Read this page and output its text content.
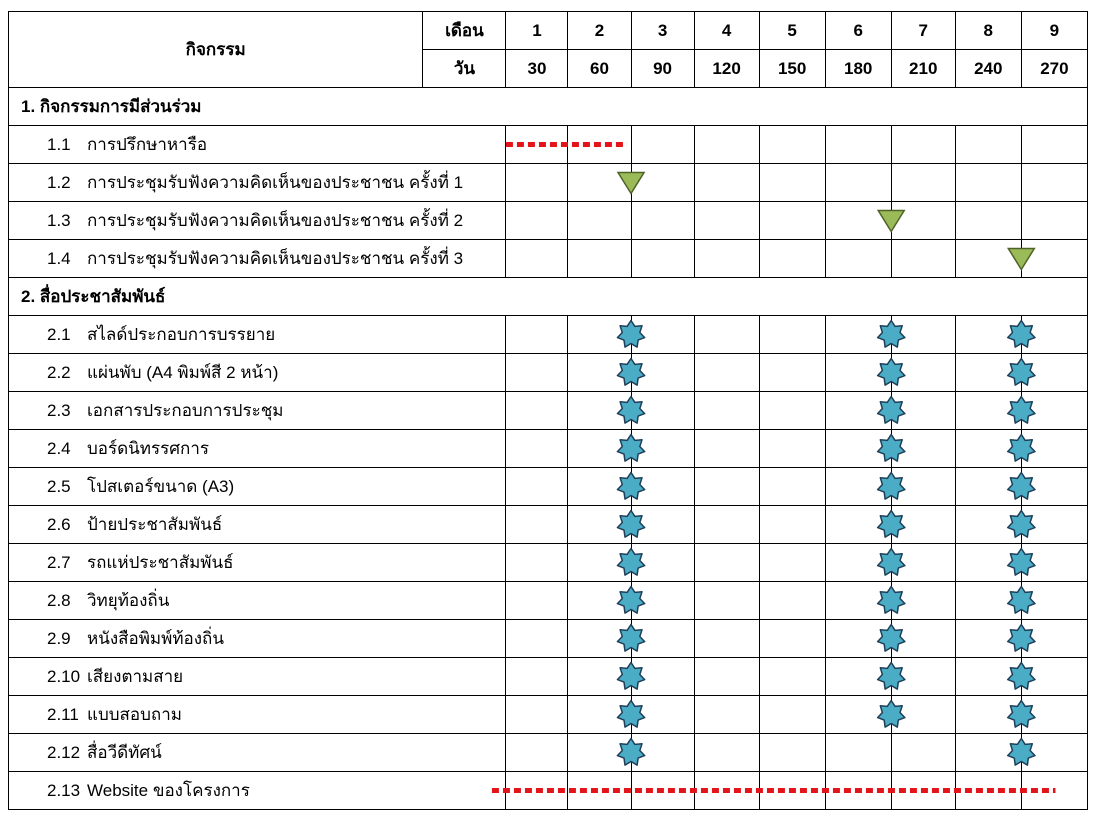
กิจกรรม	เดือน	1	2	3	4	5	6	7	8	9
	วัน	30	60	90	120	150	180	210	240	270
1. กิจกรรมการมีส่วนร่วม										
1.1 การปรึกษาหารือ										
1.2 การประชุมรับฟังความคิดเห็นของประชาชน ครั้งที่ 1										
1.3 การประชุมรับฟังความคิดเห็นของประชาชน ครั้งที่ 2										
1.4 การประชุมรับฟังความคิดเห็นของประชาชน ครั้งที่ 3										
2. สื่อประชาสัมพันธ์										
2.1 สไลด์ประกอบการบรรยาย										
2.2 แผ่นพับ (A4 พิมพ์สี 2 หน้า)										
2.3 เอกสารประกอบการประชุม										
2.4 บอร์ดนิทรรศการ										
2.5 โปสเตอร์ขนาด (A3)										
2.6 ป้ายประชาสัมพันธ์										
2.7 รถแห่ประชาสัมพันธ์										
2.8 วิทยุท้องถิ่น										
2.9 หนังสือพิมพ์ท้องถิ่น										
2.10 เสียงตามสาย										
2.11 แบบสอบถาม										
2.12 สื่อวีดีทัศน์										
2.13 Website ของโครงการ										
